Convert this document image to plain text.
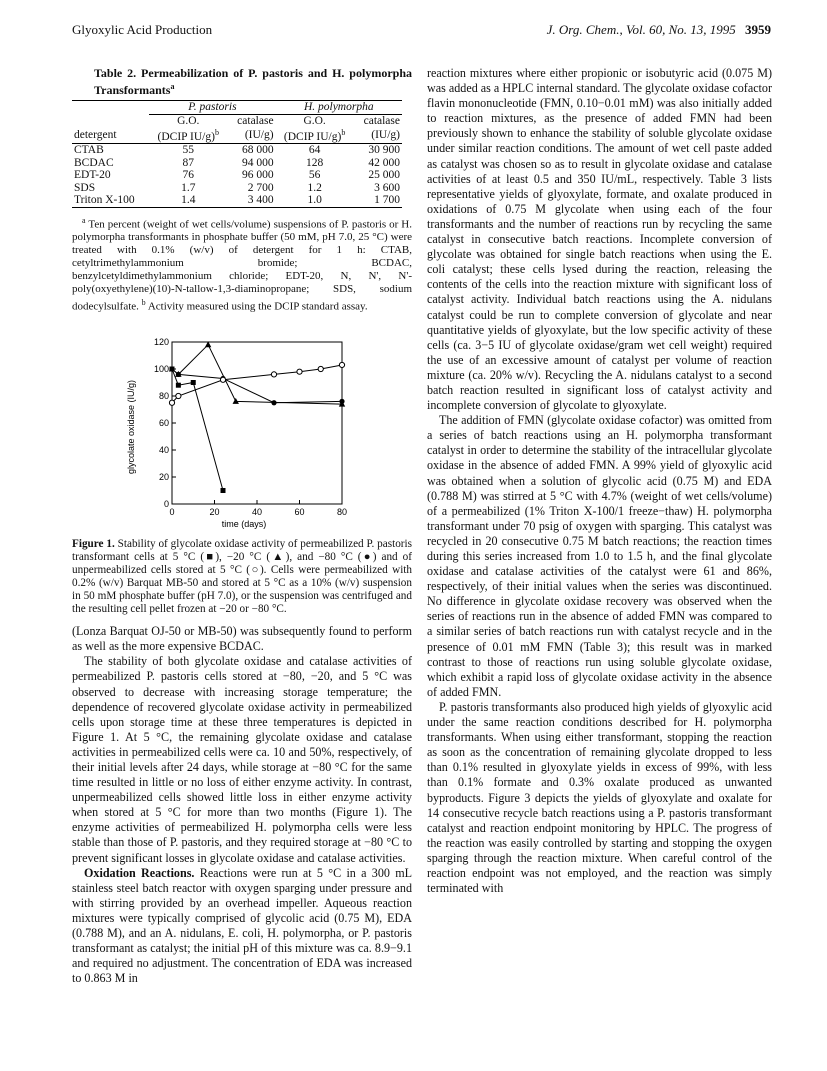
Glyoxylic Acid Production	J. Org. Chem., Vol. 60, No. 13, 1995 3959
Table 2. Permeabilization of P. pastoris and H. polymorpha Transformants$^a$
	P. pastoris		H. polymorpha	
	G.O.	catalase	G.O.	catalase
detergent	(DCIP IU/g)$^b$	(IU/g)	(DCIP IU/g)$^b$	(IU/g)
CTAB	55	68 000	64	30 900
BCDAC	87	94 000	128	42 000
EDT-20	76	96 000	56	25 000
SDS	1.7	2 700	1.2	3 600
Triton X-100	1.4	3 400	1.0	1 700

$^a$ Ten percent (weight of wet cells/volume) suspensions of P. pastoris or H. polymorpha transformants in phosphate buffer (50 mM, pH 7.0, 25 °C) were treated with 0.1% (w/v) of detergent for 1 h: CTAB, cetyltrimethylammonium bromide; BCDAC, benzylcetyldimethylammonium chloride; EDT-20, N, N', N'-poly(oxyethylene)(10)-N-tallow-1,3-diaminopropane; SDS, sodium dodecylsulfate. $^b$ Activity measured using the DCIP standard assay.

0
20
40
60
80
100
120
0	20	40	60	80
glycolate oxidase (IU/g)
time (days)
Figure 1. Stability of glycolate oxidase activity of permeabilized P. pastoris transformant cells at 5 °C (■), −20 °C (▲), and −80 °C (●) and of unpermeabilized cells stored at 5 °C (○). Cells were permeabilized with 0.2% (w/v) Barquat MB-50 and stored at 5 °C as a 10% (w/v) suspension in 50 mM phosphate buffer (pH 7.0), or the suspension was centrifuged and the resulting cell pellet frozen at −20 or −80 °C.

(Lonza Barquat OJ-50 or MB-50) was subsequently found to perform as well as the more expensive BCDAC.

The stability of both glycolate oxidase and catalase activities of permeabilized P. pastoris cells stored at −80, −20, and 5 °C was observed to decrease with increasing storage temperature; the dependence of recovered glycolate oxidase activity in permeabilized cells upon storage time at these three temperatures is depicted in Figure 1. At 5 °C, the remaining glycolate oxidase and catalase activities in permeabilized cells were ca. 10 and 50%, respectively, of their initial levels after 24 days, while storage at −80 °C for the same time resulted in little or no loss of either enzyme activity. In contrast, unpermeabilized cells showed little loss in either enzyme activity when stored at 5 °C for more than two months (Figure 1). The enzyme activities of permeabilized H. polymorpha cells were less stable than those of P. pastoris, and they required storage at −80 °C to prevent significant losses in glycolate oxidase and catalase activities.

Oxidation Reactions. Reactions were run at 5 °C in a 300 mL stainless steel batch reactor with oxygen sparging under pressure and with stirring provided by an overhead impeller. Aqueous reaction mixtures were typically comprised of glycolic acid (0.75 M), EDA (0.788 M), and an A. nidulans, E. coli, H. polymorpha, or P. pastoris transformant as catalyst; the initial pH of this mixture was ca. 8.9−9.1 and required no adjustment. The concentration of EDA was increased to 0.863 M in

reaction mixtures where either propionic or isobutyric acid (0.075 M) was added as a HPLC internal standard. The glycolate oxidase cofactor flavin mononucleotide (FMN, 0.10−0.01 mM) was also initially added to reaction mixtures, as the presence of added FMN had been previously shown to enhance the stability of soluble glycolate oxidase under similar reaction conditions. The amount of wet cell paste added as catalyst was chosen so as to result in glycolate oxidase and catalase activities of at least 0.5 and 350 IU/mL, respectively. Table 3 lists representative yields of glyoxylate, formate, and oxalate produced in oxidations of 0.75 M glycolate when using each of the four transformants and the number of reactions run by recycling the same catalyst in consecutive batch reactions. Incomplete conversion of glycolate was obtained for single batch reactions when using the E. coli catalyst; these cells lysed during the reaction, releasing the contents of the cells into the reaction mixture with significant loss of catalyst activity. Individual batch reactions using the A. nidulans catalyst could be run to complete conversion of glycolate and near quantitative yields of glyoxylate, but the low specific activity of these cells (ca. 3−5 IU of glycolate oxidase/gram wet cell weight) required the use of an excessive amount of catalyst per volume of reaction mixture (ca. 20% w/v). Recycling the A. nidulans catalyst to a second batch reaction resulted in significant loss of catalyst activity and incomplete conversion of glycolate to glyoxylate.

The addition of FMN (glycolate oxidase cofactor) was omitted from a series of batch reactions using an H. polymorpha transformant catalyst in order to determine the stability of the intracellular glycolate oxidase in the absence of added FMN. A 99% yield of glyoxylic acid was obtained when a solution of glycolic acid (0.75 M) and EDA (0.788 M) was stirred at 5 °C with 4.7% (weight of wet cells/volume) of a permeabilized (1% Triton X-100/1 freeze−thaw) H. polymorpha transformant under 70 psig of oxygen with sparging. This catalyst was recycled in 20 consecutive 0.75 M batch reactions; the reaction times during this series increased from 1.0 to 1.5 h, and the final glycolate oxidase and catalase activities of the catalyst were 61 and 86%, respectively, of their initial values when the series was discontinued. No difference in glycolate oxidase recovery was observed when the series of reactions run in the absence of added FMN was compared to a similar series of batch reactions run with catalyst recycle and in the presence of 0.01 mM FMN (Table 3); this result was in marked contrast to those of reactions run using soluble glycolate oxidase, which exhibit a rapid loss of glycolate oxidase activity in the absence of added FMN.

P. pastoris transformants also produced high yields of glyoxylic acid under the same reaction conditions described for H. polymorpha transformants. When using either transformant, stopping the reaction as soon as the concentration of remaining glycolate dropped to less than 0.1% resulted in glyoxylate yields in excess of 99%, with less than 0.1% formate and 0.3% oxalate produced as unwanted byproducts. Figure 3 depicts the yields of glyoxylate and oxalate for 14 consecutive recycle batch reactions using a P. pastoris transformant catalyst and reaction endpoint monitoring by HPLC. The progress of the reaction was easily controlled by starting and stopping the oxygen sparging through the reaction mixture. When careful control of the reaction endpoint was not employed, and the reaction was simply terminated with
